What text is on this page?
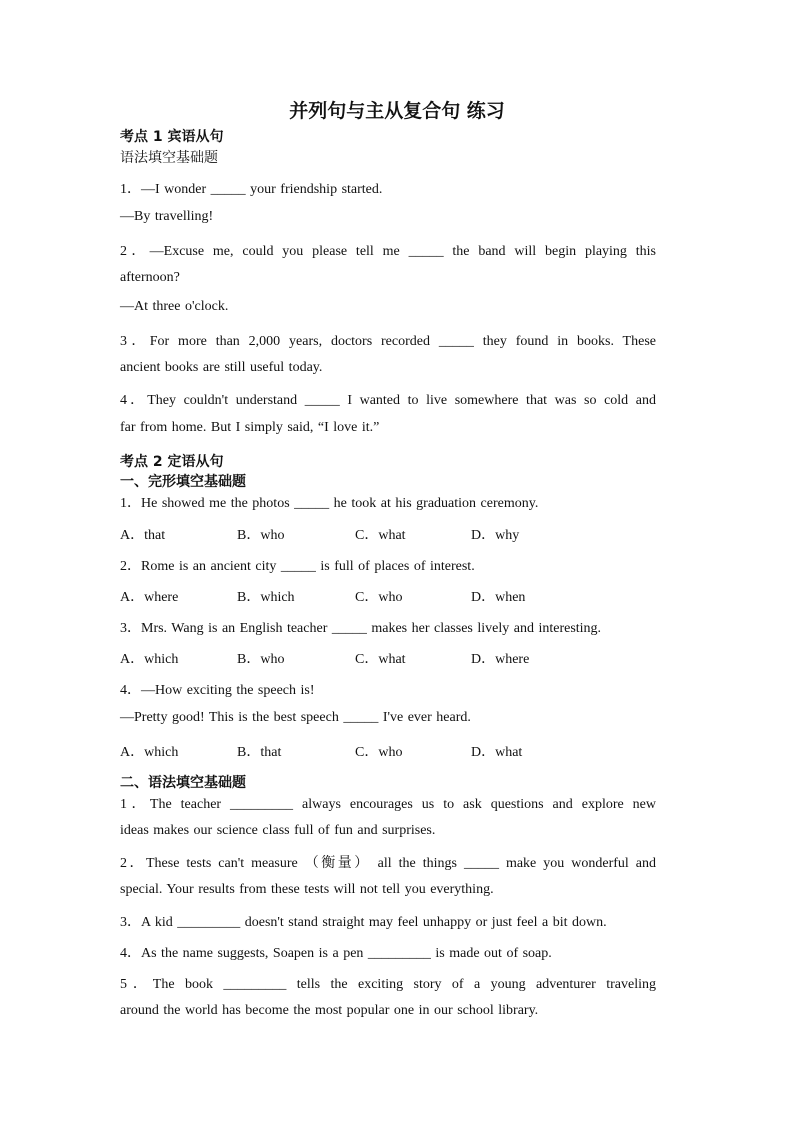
并列句与主从复合句 练习
考点 1 宾语从句
语法填空基础题
1．—I wonder _____ your friendship started.
—By travelling!
2．—Excuse me, could you please tell me _____ the band will begin playing this
afternoon?
—At three o'clock.
3．For more than 2,000 years, doctors recorded _____ they found in books. These
ancient books are still useful today.
4．They couldn't understand _____ I wanted to live somewhere that was so cold and
far from home. But I simply said, “I love it.”
考点 2 定语从句
一、完形填空基础题
1．He showed me the photos _____ he took at his graduation ceremony.
A．that	B．who	C．what	D．why
2．Rome is an ancient city _____ is full of places of interest.
A．where	B．which	C．who	D．when
3．Mrs. Wang is an English teacher _____ makes her classes lively and interesting.
A．which	B．who	C．what	D．where
4．—How exciting the speech is!
—Pretty good! This is the best speech _____ I've ever heard.
A．which	B．that	C．who	D．what
二、语法填空基础题
1．The teacher _________ always encourages us to ask questions and explore new
ideas makes our science class full of fun and surprises.
2．These tests can't measure （衡量） all the things _____ make you wonderful and
special. Your results from these tests will not tell you everything.
3．A kid _________ doesn't stand straight may feel unhappy or just feel a bit down.
4．As the name suggests, Soapen is a pen _________ is made out of soap.
5．The book _________ tells the exciting story of a young adventurer traveling
around the world has become the most popular one in our school library.
